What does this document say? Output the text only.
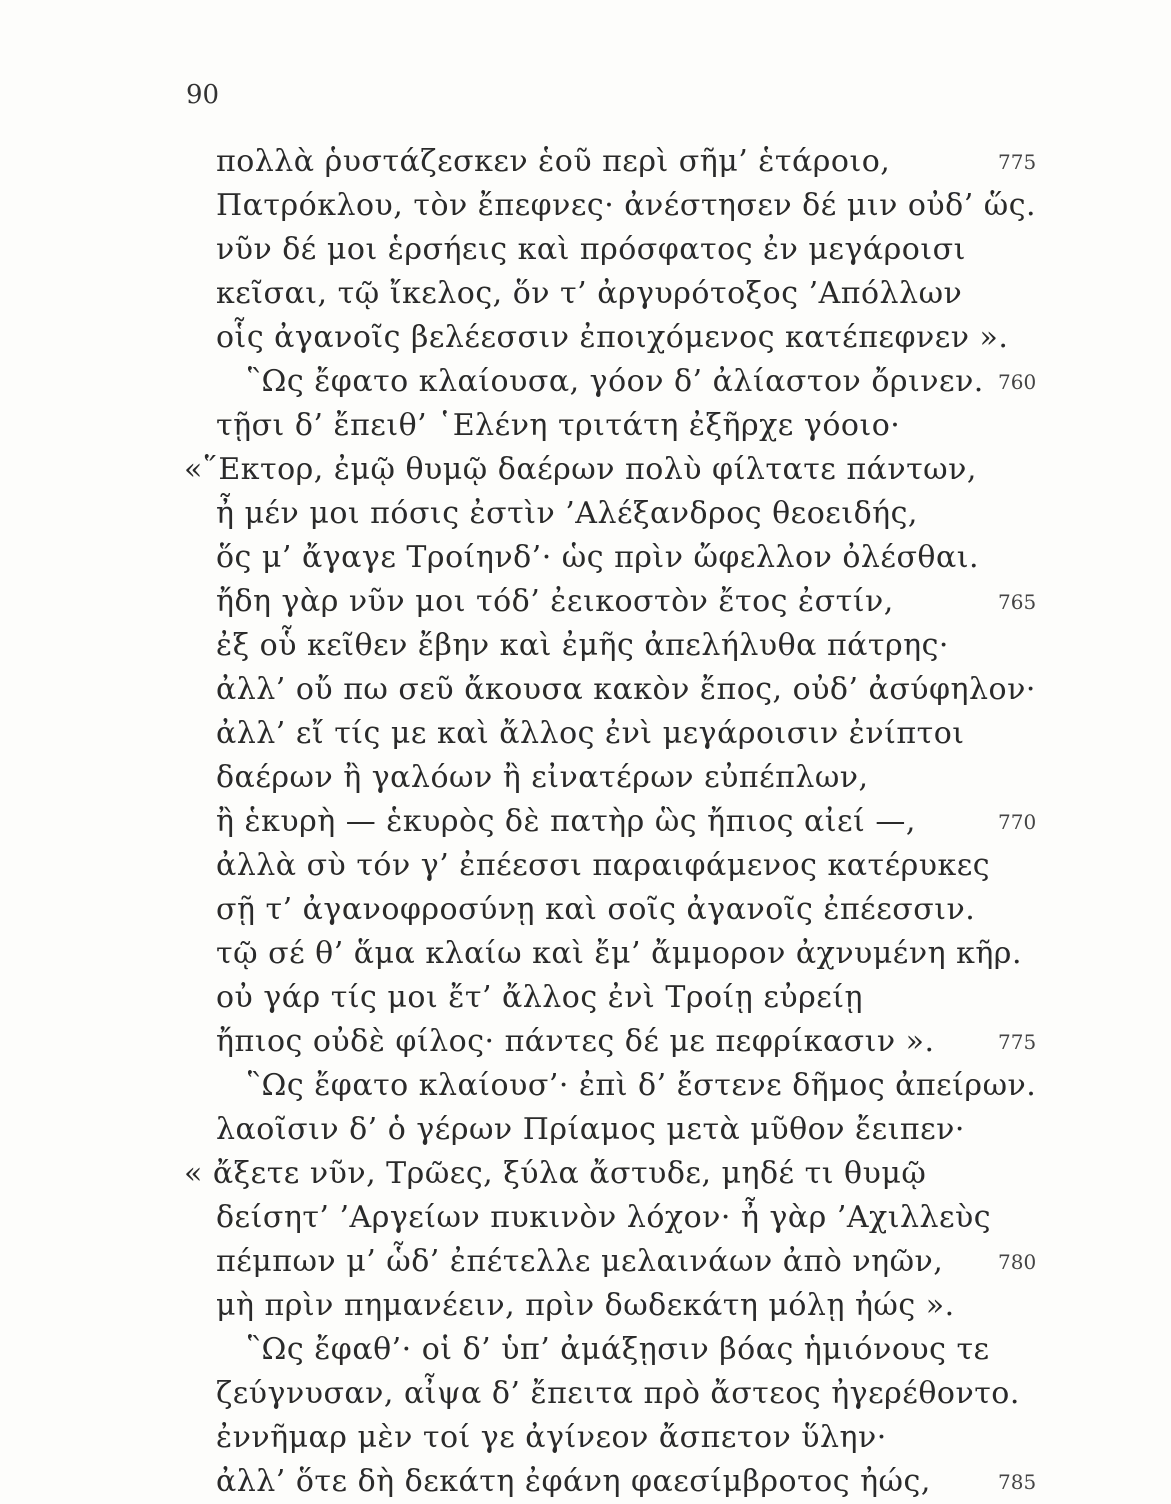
90
πολλὰ ῥυστάζεσκεν ἑοῦ περὶ σῆμ’ ἑτάροιο,	775
Πατρόκλου, τὸν ἔπεφνες· ἀνέστησεν δέ μιν οὐδ’ ὥς.
νῦν δέ μοι ἑρσήεις καὶ πρόσφατος ἐν μεγάροισι
κεῖσαι, τῷ ἴκελος, ὅν τ’ ἀργυρότοξος ’Απόλλων
οἷς ἀγανοῖς βελέεσσιν ἐποιχόμενος κατέπεφνεν ».
῝Ως ἔφατο κλαίουσα, γόον δ’ ἀλίαστον ὄρινεν. 760
τῇσι δ’ ἔπειθ’ ῾Ελένη τριτάτη ἐξῆρχε γόοιο·
«῞Εκτορ, ἐμῷ θυμῷ δαέρων πολὺ φίλτατε πάντων,
ἦ μέν μοι πόσις ἐστὶν ’Αλέξανδρος θεοειδής,
ὅς μ’ ἄγαγε Τροίηνδ’· ὡς πρὶν ὤφελλον ὀλέσθαι.
ἤδη γὰρ νῦν μοι τόδ’ ἐεικοστὸν ἔτος ἐστίν,	765
ἐξ οὗ κεῖθεν ἔβην καὶ ἐμῆς ἀπελήλυθα πάτρης·
ἀλλ’ οὔ πω σεῦ ἄκουσα κακὸν ἔπος, οὐδ’ ἀσύφηλον·
ἀλλ’ εἴ τίς με καὶ ἄλλος ἐνὶ μεγάροισιν ἐνίπτοι
δαέρων ἢ γαλόων ἢ εἰνατέρων εὐπέπλων,
ἢ ἑκυρὴ — ἑκυρὸς δὲ πατὴρ ὣς ἤπιος αἰεί —,	770
ἀλλὰ σὺ τόν γ’ ἐπέεσσι παραιφάμενος κατέρυκες
σῇ τ’ ἀγανοφροσύνῃ καὶ σοῖς ἀγανοῖς ἐπέεσσιν.
τῷ σέ θ’ ἅμα κλαίω καὶ ἔμ’ ἄμμορον ἀχνυμένη κῆρ.
οὐ γάρ τίς μοι ἔτ’ ἄλλος ἐνὶ Τροίῃ εὐρείῃ
ἤπιος οὐδὲ φίλος· πάντες δέ με πεφρίκασιν ».	775
῝Ως ἔφατο κλαίουσ’· ἐπὶ δ’ ἔστενε δῆμος ἀπείρων.
λαοῖσιν δ’ ὁ γέρων Πρίαμος μετὰ μῦθον ἔειπεν·
« ἄξετε νῦν, Τρῶες, ξύλα ἄστυδε, μηδέ τι θυμῷ
δείσητ’ ’Αργείων πυκινὸν λόχον· ἦ γὰρ ’Αχιλλεὺς
πέμπων μ’ ὧδ’ ἐπέτελλε μελαινάων ἀπὸ νηῶν,	780
μὴ πρὶν πημανέειν, πρὶν δωδεκάτη μόλῃ ἠώς ».
῝Ως ἔφαθ’· οἱ δ’ ὑπ’ ἀμάξῃσιν βόας ἡμιόνους τε
ζεύγνυσαν, αἶψα δ’ ἔπειτα πρὸ ἄστεος ἠγερέθοντο.
ἐννῆμαρ μὲν τοί γε ἀγίνεον ἄσπετον ὕλην·
ἀλλ’ ὅτε δὴ δεκάτη ἐφάνη φαεσίμβροτος ἠώς,	785
